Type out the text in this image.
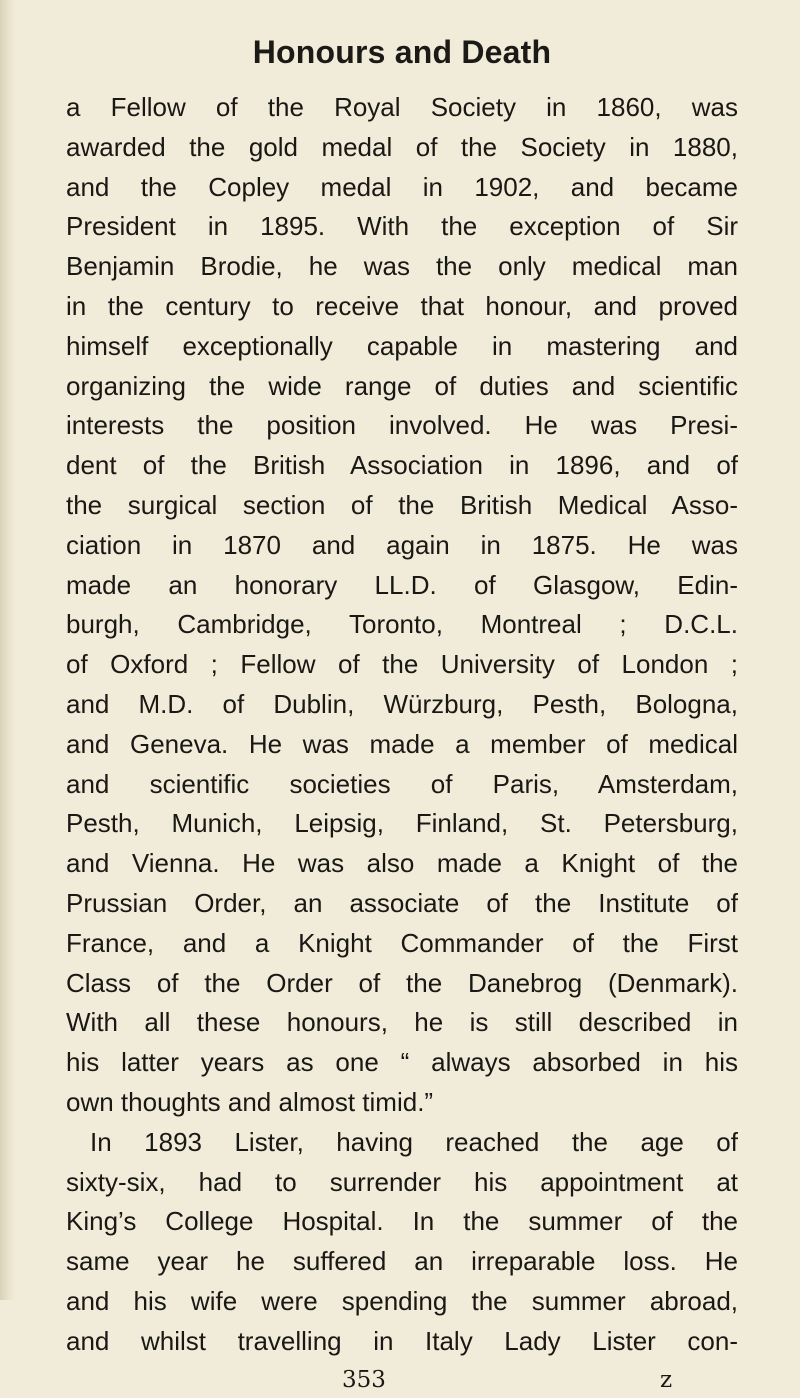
Honours and Death
a Fellow of the Royal Society in 1860, was
awarded the gold medal of the Society in 1880,
and the Copley medal in 1902, and became
President in 1895. With the exception of Sir
Benjamin Brodie, he was the only medical man
in the century to receive that honour, and proved
himself exceptionally capable in mastering and
organizing the wide range of duties and scientific
interests the position involved. He was Presi-
dent of the British Association in 1896, and of
the surgical section of the British Medical Asso-
ciation in 1870 and again in 1875. He was
made an honorary LL.D. of Glasgow, Edin-
burgh, Cambridge, Toronto, Montreal ; D.C.L.
of Oxford ; Fellow of the University of London ;
and M.D. of Dublin, Würzburg, Pesth, Bologna,
and Geneva. He was made a member of medical
and scientific societies of Paris, Amsterdam,
Pesth, Munich, Leipsig, Finland, St. Petersburg,
and Vienna. He was also made a Knight of the
Prussian Order, an associate of the Institute of
France, and a Knight Commander of the First
Class of the Order of the Danebrog (Denmark).
With all these honours, he is still described in
his latter years as one “ always absorbed in his
own thoughts and almost timid.”
In 1893 Lister, having reached the age of
sixty-six, had to surrender his appointment at
King’s College Hospital. In the summer of the
same year he suffered an irreparable loss. He
and his wife were spending the summer abroad,
and whilst travelling in Italy Lady Lister con-
353	z
